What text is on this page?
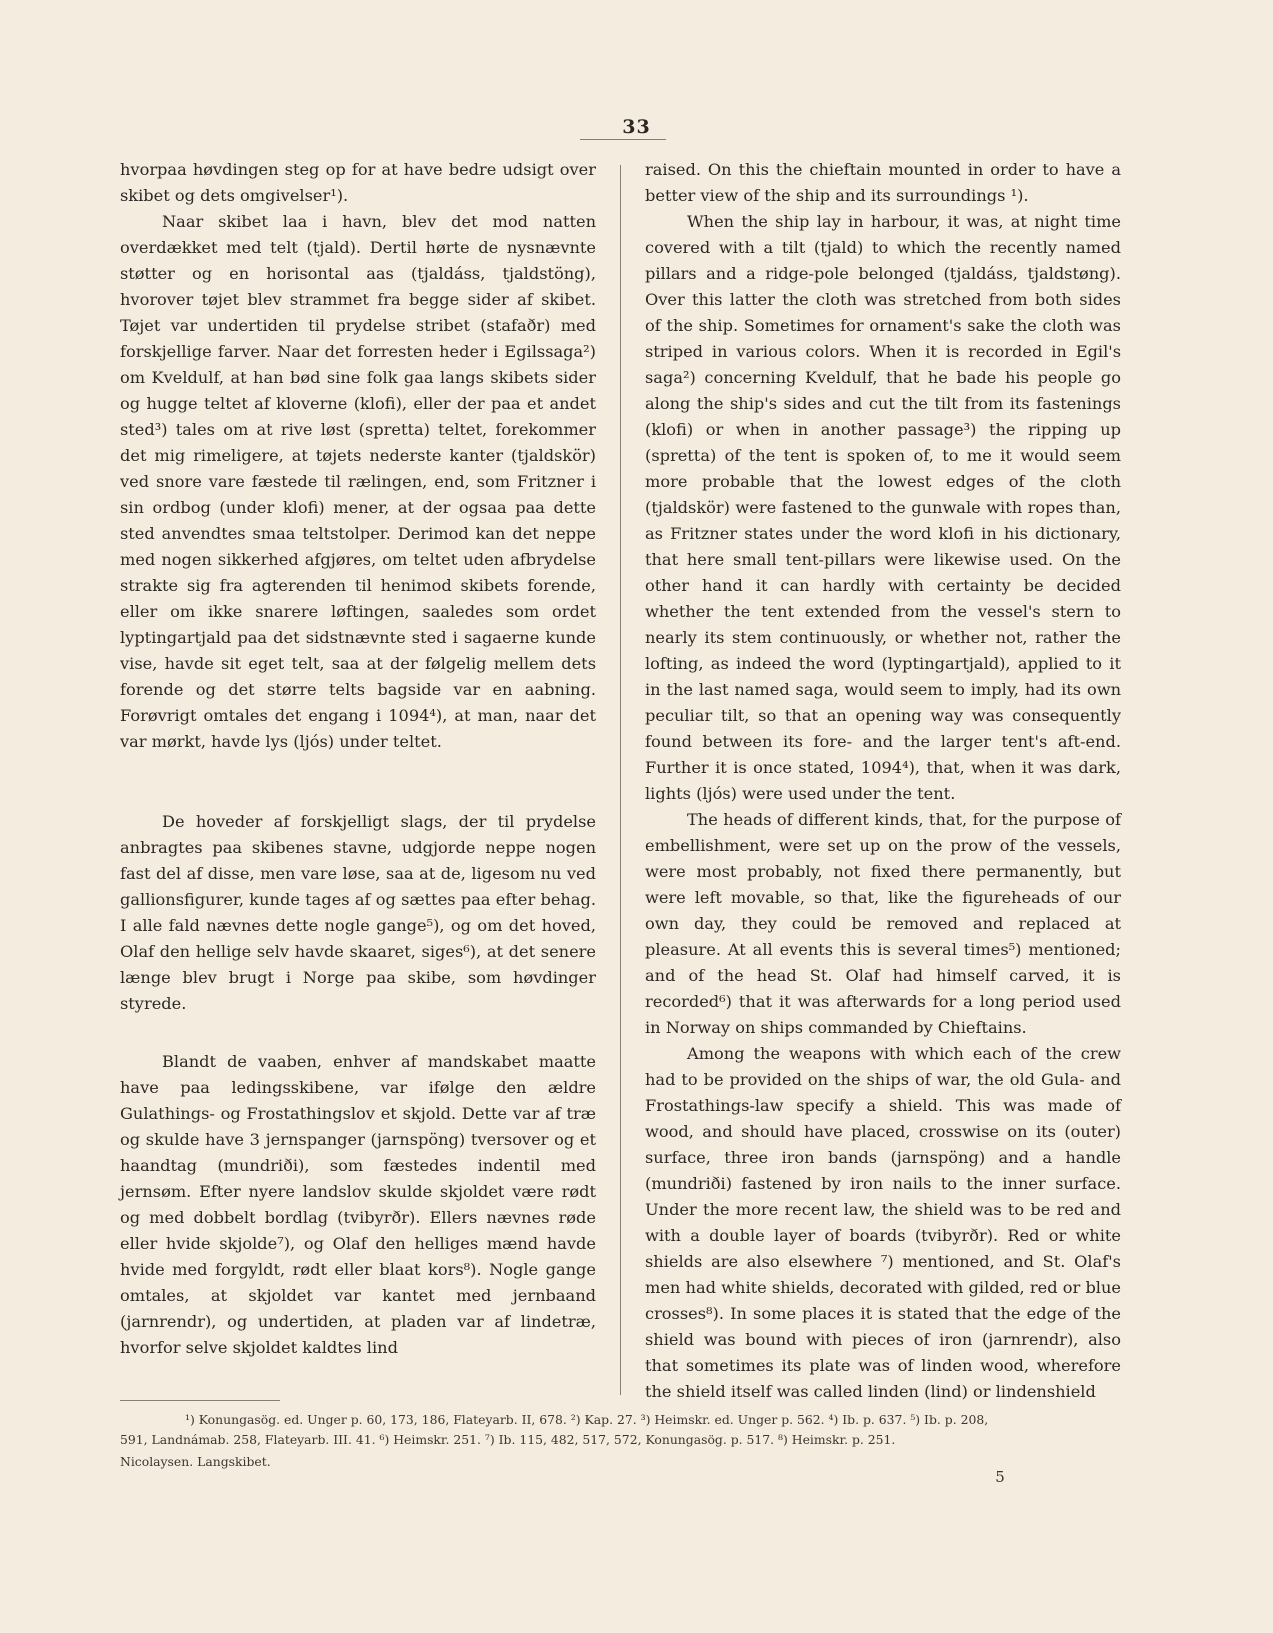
33

hvorpaa høvdingen steg op for at have bedre udsigt over skibet og dets omgivelser¹).

Naar skibet laa i havn, blev det mod natten overdækket med telt (tjald). Dertil hørte de nysnævnte støtter og en horisontal aas (tjaldáss, tjaldstöng), hvorover tøjet blev strammet fra begge sider af skibet. Tøjet var undertiden til prydelse stribet (stafaðr) med forskjellige farver. Naar det forresten heder i Egilssaga²) om Kveldulf, at han bød sine folk gaa langs skibets sider og hugge teltet af kloverne (klofi), eller der paa et andet sted³) tales om at rive løst (spretta) teltet, forekommer det mig rimeligere, at tøjets nederste kanter (tjaldskör) ved snore vare fæstede til rælingen, end, som Fritzner i sin ordbog (under klofi) mener, at der ogsaa paa dette sted anvendtes smaa teltstolper. Derimod kan det neppe med nogen sikkerhed afgjøres, om teltet uden afbrydelse strakte sig fra agterenden til henimod skibets forende, eller om ikke snarere løftingen, saaledes som ordet lyptingartjald paa det sidstnævnte sted i sagaerne kunde vise, havde sit eget telt, saa at der følgelig mellem dets forende og det større telts bagside var en aabning. Forøvrigt omtales det engang i 1094⁴), at man, naar det var mørkt, havde lys (ljós) under teltet.

De hoveder af forskjelligt slags, der til prydelse anbragtes paa skibenes stavne, udgjorde neppe nogen fast del af disse, men vare løse, saa at de, ligesom nu ved gallionsfigurer, kunde tages af og sættes paa efter behag. I alle fald nævnes dette nogle gange⁵), og om det hoved, Olaf den hellige selv havde skaaret, siges⁶), at det senere længe blev brugt i Norge paa skibe, som høvdinger styrede.

Blandt de vaaben, enhver af mandskabet maatte have paa ledingsskibene, var ifølge den ældre Gulathings- og Frostathingslov et skjold. Dette var af træ og skulde have 3 jernspanger (jarnspöng) tversover og et haandtag (mundriði), som fæstedes indentil med jernsøm. Efter nyere landslov skulde skjoldet være rødt og med dobbelt bordlag (tvibyrðr). Ellers nævnes røde eller hvide skjolde⁷), og Olaf den helliges mænd havde hvide med forgyldt, rødt eller blaat kors⁸). Nogle gange omtales, at skjoldet var kantet med jernbaand (jarnrendr), og undertiden, at pladen var af lindetræ, hvorfor selve skjoldet kaldtes lind

raised. On this the chieftain mounted in order to have a better view of the ship and its surroundings ¹).

When the ship lay in harbour, it was, at night time covered with a tilt (tjald) to which the recently named pillars and a ridge-pole belonged (tjaldáss, tjaldstøng). Over this latter the cloth was stretched from both sides of the ship. Sometimes for ornament's sake the cloth was striped in various colors. When it is recorded in Egil's saga²) concerning Kveldulf, that he bade his people go along the ship's sides and cut the tilt from its fastenings (klofi) or when in another passage³) the ripping up (spretta) of the tent is spoken of, to me it would seem more probable that the lowest edges of the cloth (tjaldskör) were fastened to the gunwale with ropes than, as Fritzner states under the word klofi in his dictionary, that here small tent-pillars were likewise used. On the other hand it can hardly with certainty be decided whether the tent extended from the vessel's stern to nearly its stem continuously, or whether not, rather the lofting, as indeed the word (lyptingartjald), applied to it in the last named saga, would seem to imply, had its own peculiar tilt, so that an opening way was consequently found between its fore- and the larger tent's aft-end. Further it is once stated, 1094⁴), that, when it was dark, lights (ljós) were used under the tent.

The heads of different kinds, that, for the purpose of embellishment, were set up on the prow of the vessels, were most probably, not fixed there permanently, but were left movable, so that, like the figureheads of our own day, they could be removed and replaced at pleasure. At all events this is several times⁵) mentioned; and of the head St. Olaf had himself carved, it is recorded⁶) that it was afterwards for a long period used in Norway on ships commanded by Chieftains.

Among the weapons with which each of the crew had to be provided on the ships of war, the old Gula- and Frostathings-law specify a shield. This was made of wood, and should have placed, crosswise on its (outer) surface, three iron bands (jarnspöng) and a handle (mundriði) fastened by iron nails to the inner surface. Under the more recent law, the shield was to be red and with a double layer of boards (tvibyrðr). Red or white shields are also elsewhere ⁷) mentioned, and St. Olaf's men had white shields, decorated with gilded, red or blue crosses⁸). In some places it is stated that the edge of the shield was bound with pieces of iron (jarnrendr), also that sometimes its plate was of linden wood, wherefore the shield itself was called linden (lind) or lindenshield

¹) Konungasög. ed. Unger p. 60, 173, 186, Flateyarb. II, 678. ²) Kap. 27. ³) Heimskr. ed. Unger p. 562. ⁴) Ib. p. 637. ⁵) Ib. p. 208,
591, Landnámab. 258, Flateyarb. III. 41. ⁶) Heimskr. 251. ⁷) Ib. 115, 482, 517, 572, Konungasög. p. 517. ⁸) Heimskr. p. 251.
Nicolaysen. Langskibet.
5
